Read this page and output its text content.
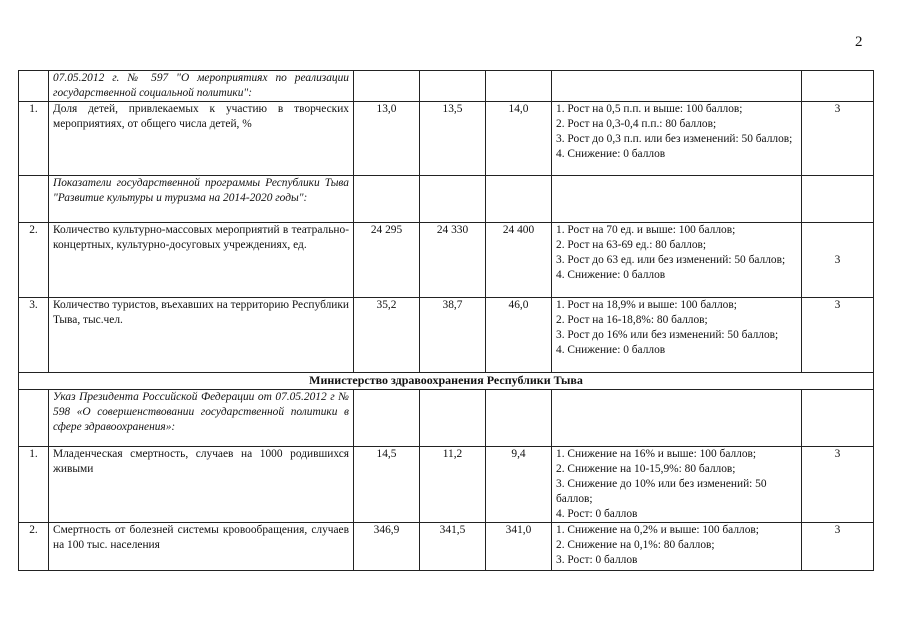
2
	07.05.2012 г. № 597 "О мероприятиях по реализации государственной социальной политики":					
1.	Доля детей, привлекаемых к участию в творческих мероприятиях, от общего числа детей, %	13,0	13,5	14,0	1. Рост на 0,5 п.п. и выше: 100 баллов;
2. Рост на 0,3-0,4 п.п.: 80 баллов;
3. Рост до 0,3 п.п. или без изменений: 50 баллов;
4. Снижение: 0 баллов	3
	Показатели государственной программы Республики Тыва "Развитие культуры и туризма на 2014-2020 годы":					
2.	Количество культурно-массовых мероприятий в театрально-концертных, культурно-досуговых учреждениях, ед.	24 295	24 330	24 400	1. Рост на 70 ед. и выше: 100 баллов;
2. Рост на 63-69 ед.: 80 баллов;
3. Рост до 63 ед. или без изменений: 50 баллов;
4. Снижение: 0 баллов	3
3.	Количество туристов, въехавших на территорию Республики Тыва, тыс.чел.	35,2	38,7	46,0	1. Рост на 18,9% и выше: 100 баллов;
2. Рост на 16-18,8%: 80 баллов;
3. Рост до 16% или без изменений: 50 баллов;
4. Снижение: 0 баллов	3
Министерство здравоохранения Республики Тыва						
	Указ Президента Российской Федерации от 07.05.2012 г № 598 «О совершенствовании государственной политики в сфере здравоохранения»:					
1.	Младенческая смертность, случаев на 1000 родившихся живыми	14,5	11,2	9,4	1. Снижение на 16% и выше: 100 баллов;
2. Снижение на 10-15,9%: 80 баллов;
3. Снижение до 10% или без изменений: 50 баллов;
4. Рост: 0 баллов	3
2.	Смертность от болезней системы кровообращения, случаев на 100 тыс. населения	346,9	341,5	341,0	1. Снижение на 0,2% и выше: 100 баллов;
2. Снижение на 0,1%: 80 баллов;
3. Рост: 0 баллов	3
